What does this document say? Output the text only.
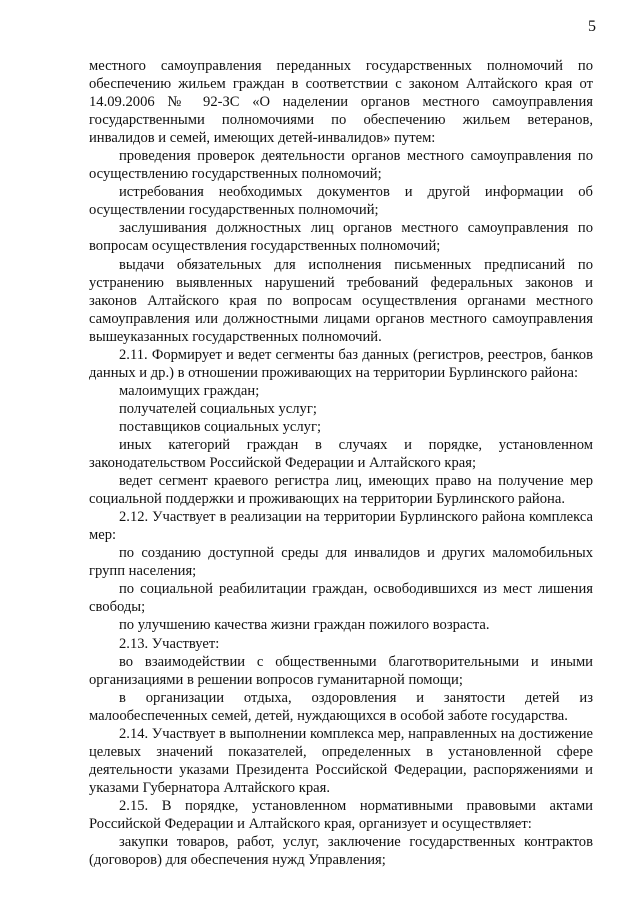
5

местного самоуправления переданных государственных полномочий по обеспечению жильем граждан в соответствии с законом Алтайского края от 14.09.2006 № 92-ЗС «О наделении органов местного самоуправления государственными полномочиями по обеспечению жильем ветеранов, инвалидов и семей, имеющих детей-инвалидов» путем:

проведения проверок деятельности органов местного самоуправления по осуществлению государственных полномочий;

истребования необходимых документов и другой информации об осуществлении государственных полномочий;

заслушивания должностных лиц органов местного самоуправления по вопросам осуществления государственных полномочий;

выдачи обязательных для исполнения письменных предписаний по устранению выявленных нарушений требований федеральных законов и законов Алтайского края по вопросам осуществления органами местного самоуправления или должностными лицами органов местного самоуправления вышеуказанных государственных полномочий.

2.11. Формирует и ведет сегменты баз данных (регистров, реестров, банков данных и др.) в отношении проживающих на территории Бурлинского района:

малоимущих граждан;

получателей социальных услуг;

поставщиков социальных услуг;

иных категорий граждан в случаях и порядке, установленном законодательством Российской Федерации и Алтайского края;

ведет сегмент краевого регистра лиц, имеющих право на получение мер социальной поддержки и проживающих на территории Бурлинского района.

2.12. Участвует в реализации на территории Бурлинского района комплекса мер:

по созданию доступной среды для инвалидов и других маломобильных групп населения;

по социальной реабилитации граждан, освободившихся из мест лишения свободы;

по улучшению качества жизни граждан пожилого возраста.

2.13. Участвует:

во взаимодействии с общественными благотворительными и иными организациями в решении вопросов гуманитарной помощи;

в организации отдыха, оздоровления и занятости детей из малообеспеченных семей, детей, нуждающихся в особой заботе государства.

2.14. Участвует в выполнении комплекса мер, направленных на достижение целевых значений показателей, определенных в установленной сфере деятельности указами Президента Российской Федерации, распоряжениями и указами Губернатора Алтайского края.

2.15. В порядке, установленном нормативными правовыми актами Российской Федерации и Алтайского края, организует и осуществляет:

закупки товаров, работ, услуг, заключение государственных контрактов (договоров) для обеспечения нужд Управления;
